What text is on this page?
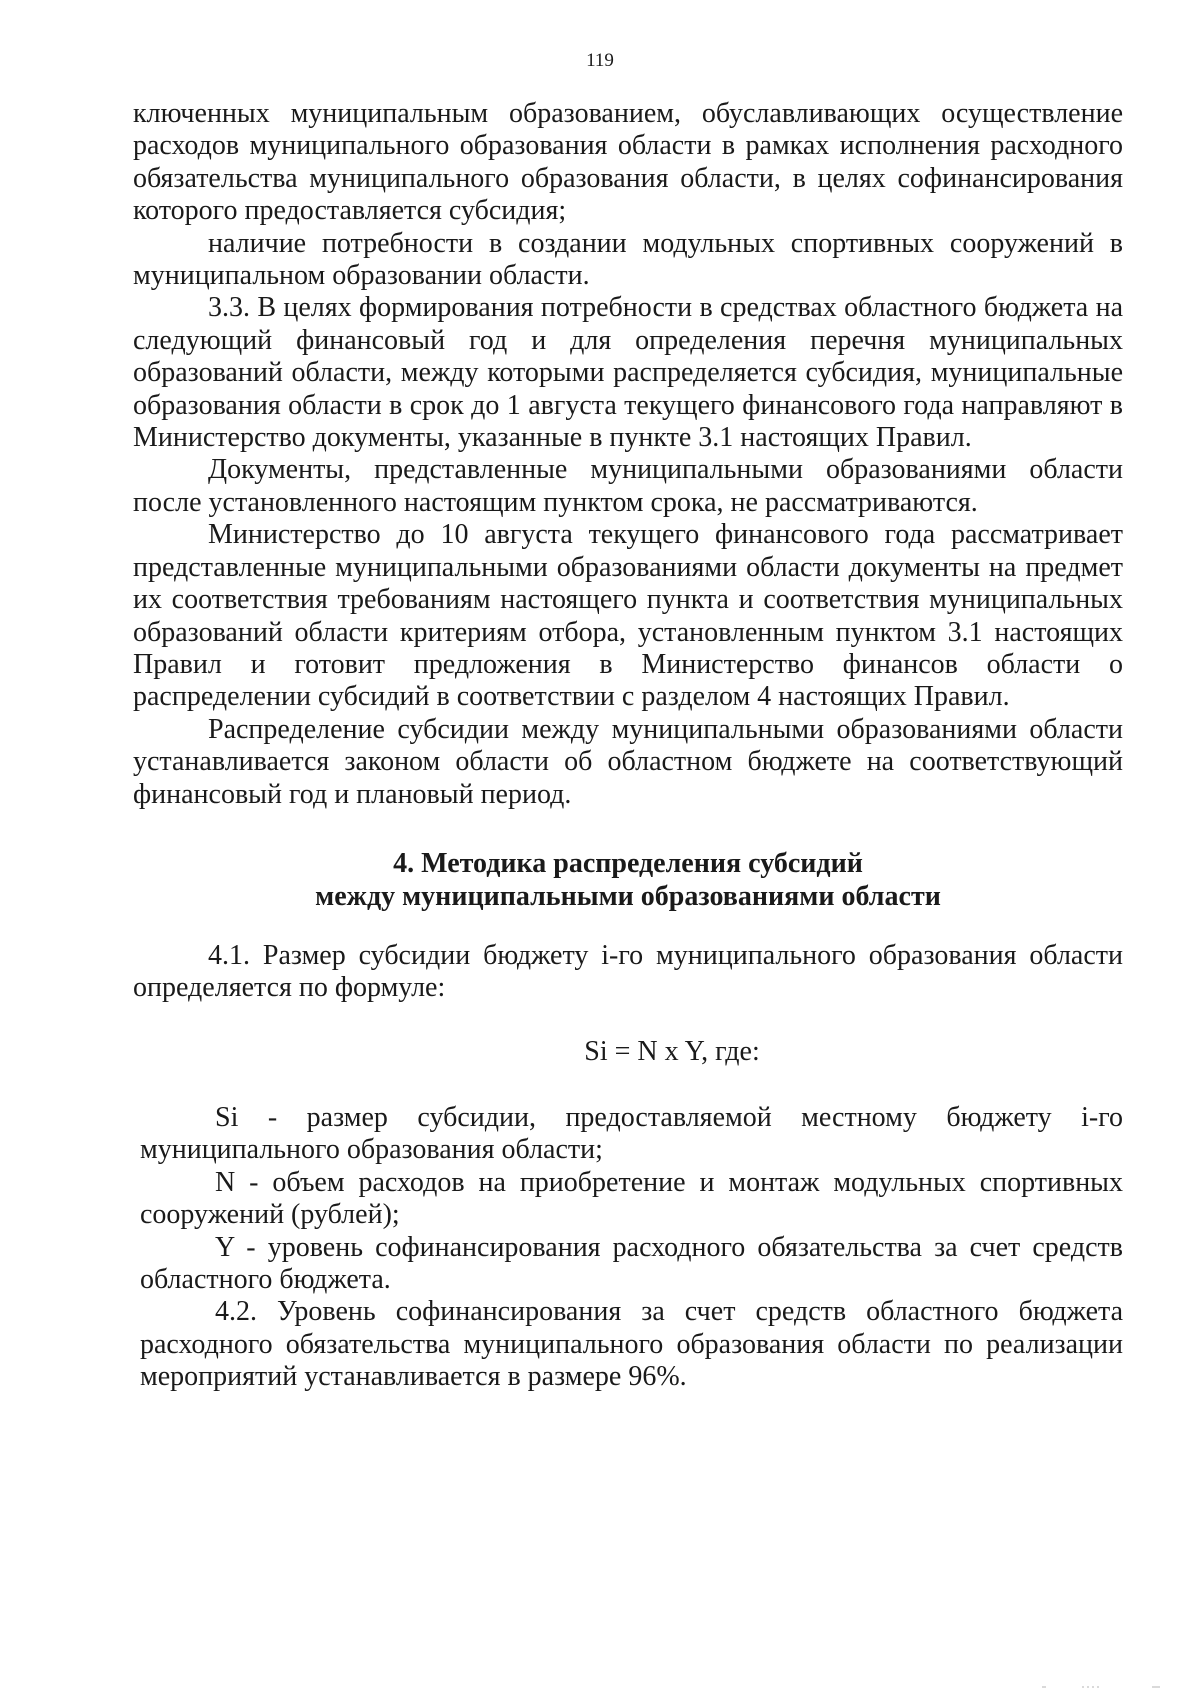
119

ключенных муниципальным образованием, обуславливающих осуществление расходов муниципального образования области в рамках исполнения расходного обязательства муниципального образования области, в целях софинансирования которого предоставляется субсидия;

наличие потребности в создании модульных спортивных сооружений в муниципальном образовании области.

3.3. В целях формирования потребности в средствах областного бюджета на следующий финансовый год и для определения перечня муниципальных образований области, между которыми распределяется субсидия, муниципальные образования области в срок до 1 августа текущего финансового года направляют в Министерство документы, указанные в пункте 3.1 настоящих Правил.

Документы, представленные муниципальными образованиями области после установленного настоящим пунктом срока, не рассматриваются.

Министерство до 10 августа текущего финансового года рассматривает представленные муниципальными образованиями области документы на предмет их соответствия требованиям настоящего пункта и соответствия муниципальных образований области критериям отбора, установленным пунктом 3.1 настоящих Правил и готовит предложения в Министерство финансов области о распределении субсидий в соответствии с разделом 4 настоящих Правил.

Распределение субсидии между муниципальными образованиями области устанавливается законом области об областном бюджете на соответствующий финансовый год и плановый период.

4. Методика распределения субсидий
между муниципальными образованиями области

4.1. Размер субсидии бюджету i-го муниципального образования области определяется по формуле:

Si = N x Y, где:

Si - размер субсидии, предоставляемой местному бюджету i-го муниципального образования области;

N - объем расходов на приобретение и монтаж модульных спортивных сооружений (рублей);

Y - уровень софинансирования расходного обязательства за счет средств областного бюджета.

4.2. Уровень софинансирования за счет средств областного бюджета расходного обязательства муниципального образования области по реализации мероприятий устанавливается в размере 96%.
